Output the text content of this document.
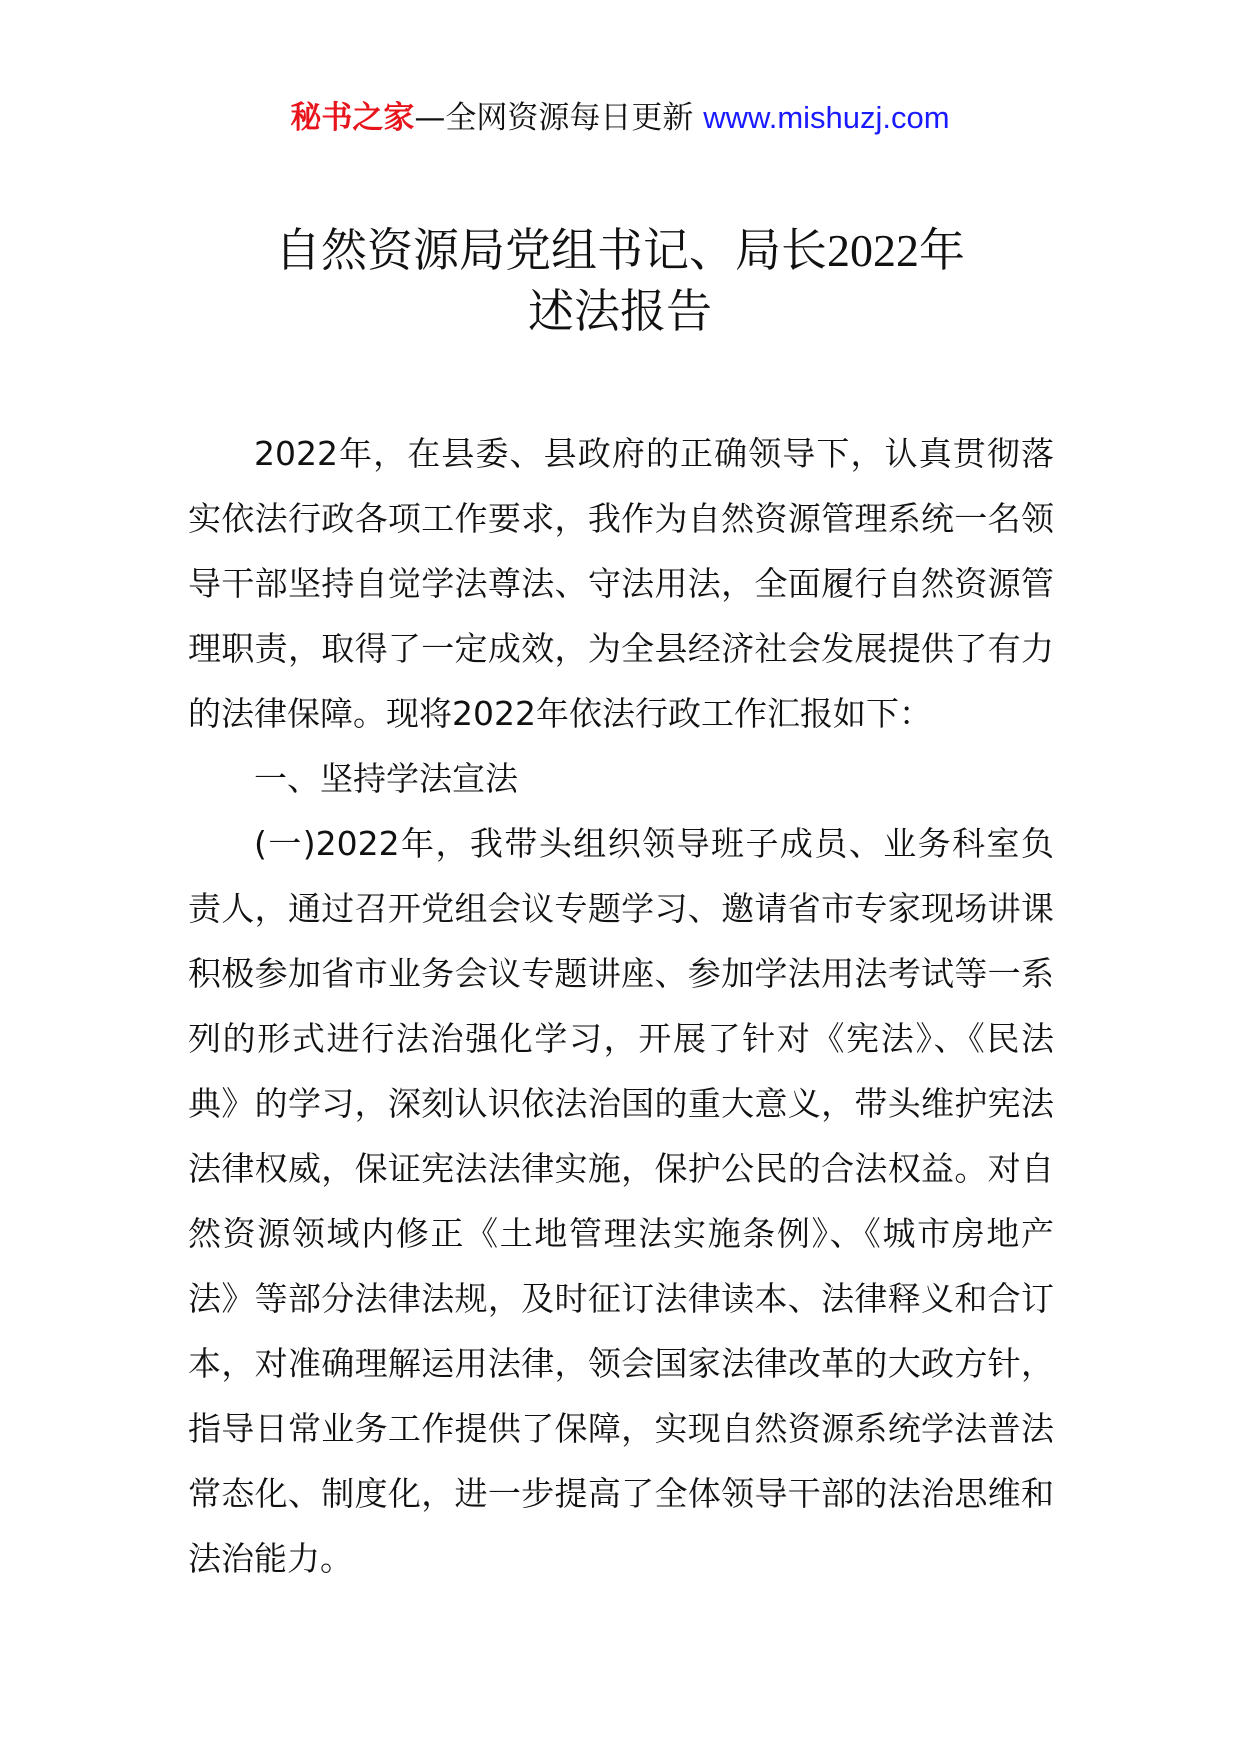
秘书之家—全网资源每日更新 www.mishuzj.com
自然资源局党组书记、局长2022年
述法报告

2022年，在县委、县政府的正确领导下，认真贯彻落实依法行政各项工作要求，我作为自然资源管理系统一名领导干部坚持自觉学法尊法、守法用法，全面履行自然资源管理职责，取得了一定成效，为全县经济社会发展提供了有力的法律保障。现将2022年依法行政工作汇报如下：

一、坚持学法宣法

(一)2022年，我带头组织领导班子成员、业务科室负责人，通过召开党组会议专题学习、邀请省市专家现场讲课积极参加省市业务会议专题讲座、参加学法用法考试等一系列的形式进行法治强化学习，开展了针对《宪法》、《民法典》的学习，深刻认识依法治国的重大意义，带头维护宪法法律权威，保证宪法法律实施，保护公民的合法权益。对自然资源领域内修正《土地管理法实施条例》、《城市房地产法》等部分法律法规，及时征订法律读本、法律释义和合订本，对准确理解运用法律，领会国家法律改革的大政方针，指导日常业务工作提供了保障，实现自然资源系统学法普法常态化、制度化，进一步提高了全体领导干部的法治思维和法治能力。
